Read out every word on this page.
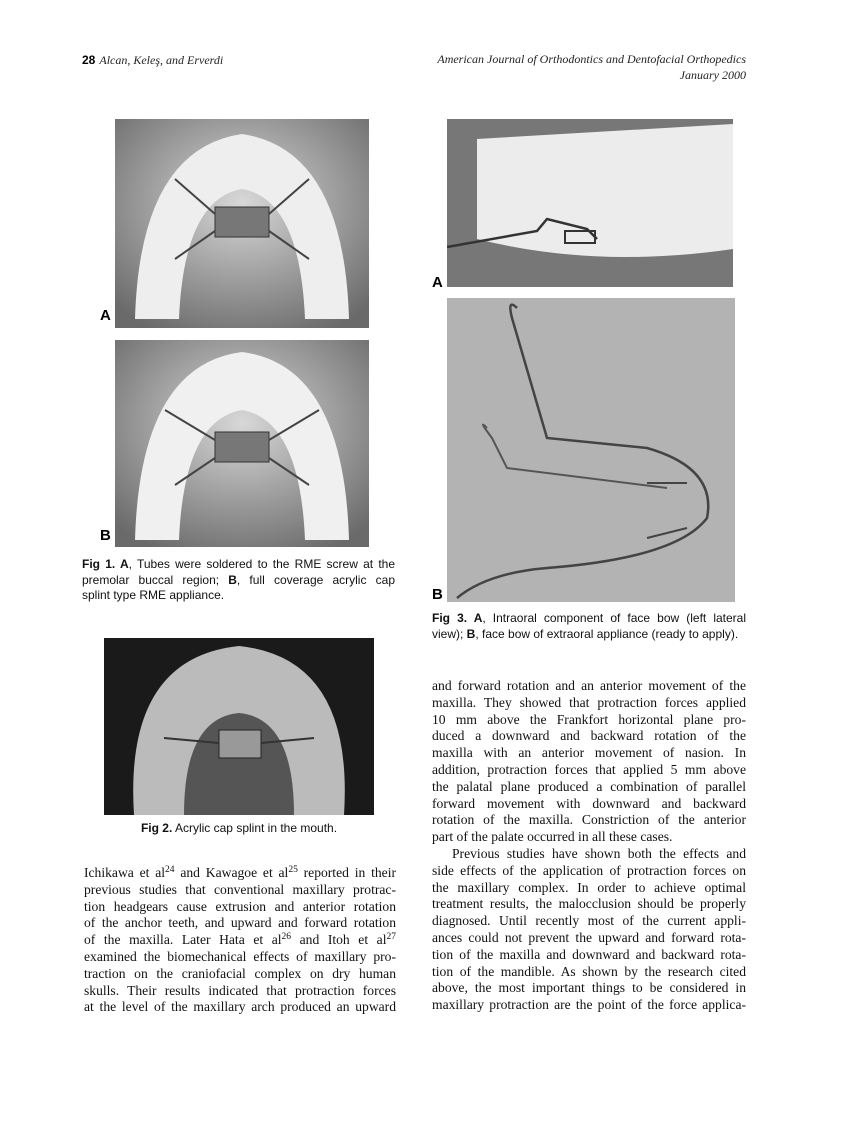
28 Alcan, Keleş, and Erverdi	American Journal of Orthodontics and Dentofacial Orthopedics
January 2000
A
B
Fig 1. A, Tubes were soldered to the RME screw at the
premolar buccal region; B, full coverage acrylic cap
splint type RME appliance.
Fig 2. Acrylic cap splint in the mouth.
A
B
Fig 3. A, Intraoral component of face bow (left lateral
view); B, face bow of extraoral appliance (ready to apply).
Ichikawa et $al^{24}$ and Kawagoe et $al^{25}$ reported in their
previous studies that conventional maxillary protrac-
tion headgears cause extrusion and anterior rotation
of the anchor teeth, and upward and forward rotation
of the maxilla. Later Hata et $al^{26}$ and Itoh et $al^{27}$
examined the biomechanical effects of maxillary pro-
traction on the craniofacial complex on dry human
skulls. Their results indicated that protraction forces
at the level of the maxillary arch produced an upward
and forward rotation and an anterior movement of the
maxilla. They showed that protraction forces applied
10 mm above the Frankfort horizontal plane pro-
duced a downward and backward rotation of the
maxilla with an anterior movement of nasion. In
addition, protraction forces that applied 5 mm above
the palatal plane produced a combination of parallel
forward movement with downward and backward
rotation of the maxilla. Constriction of the anterior
part of the palate occurred in all these cases.
Previous studies have shown both the effects and
side effects of the application of protraction forces on
the maxillary complex. In order to achieve optimal
treatment results, the malocclusion should be properly
diagnosed. Until recently most of the current appli-
ances could not prevent the upward and forward rota-
tion of the maxilla and downward and backward rota-
tion of the mandible. As shown by the research cited
above, the most important things to be considered in
maxillary protraction are the point of the force applica-
